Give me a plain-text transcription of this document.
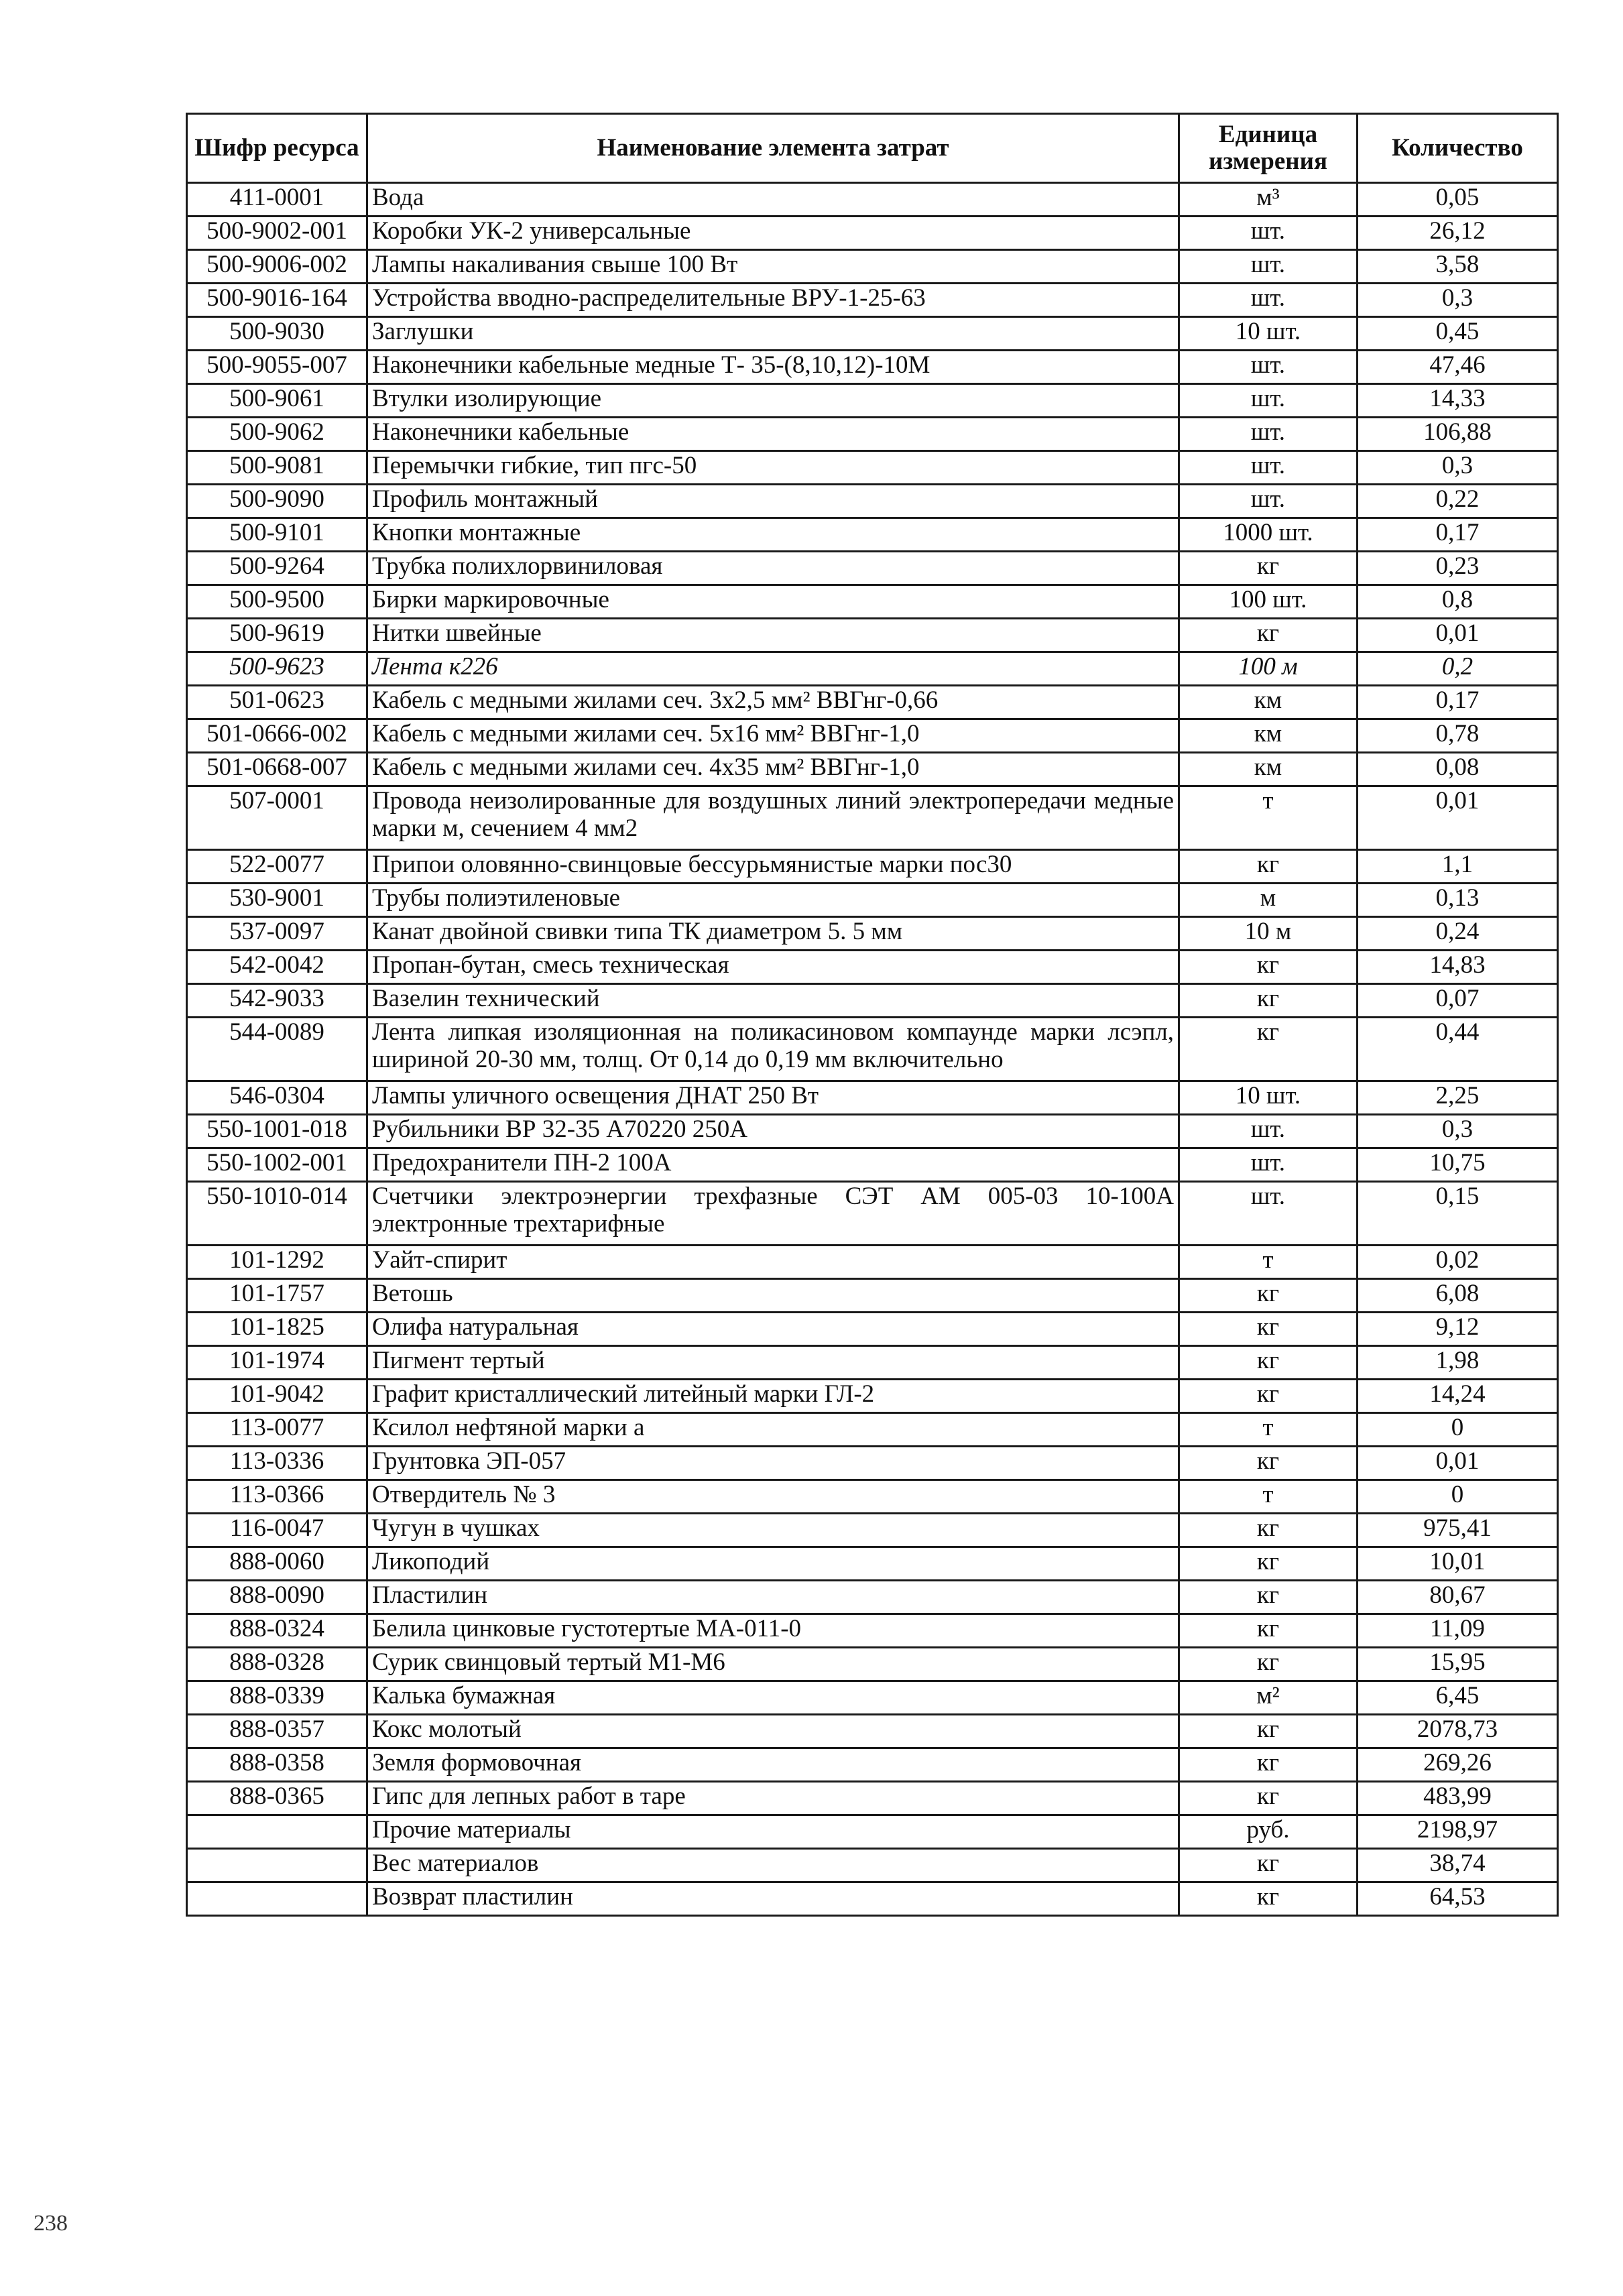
Шифр ресурса	Наименование элемента затрат	Единица измерения	Количество
411-0001	Вода	м³	0,05
500-9002-001	Коробки УК-2 универсальные	шт.	26,12
500-9006-002	Лампы накаливания свыше 100 Вт	шт.	3,58
500-9016-164	Устройства вводно-распределительные ВРУ-1-25-63	шт.	0,3
500-9030	Заглушки	10 шт.	0,45
500-9055-007	Наконечники кабельные медные Т- 35-(8,10,12)-10М	шт.	47,46
500-9061	Втулки изолирующие	шт.	14,33
500-9062	Наконечники кабельные	шт.	106,88
500-9081	Перемычки гибкие, тип пгс-50	шт.	0,3
500-9090	Профиль монтажный	шт.	0,22
500-9101	Кнопки монтажные	1000 шт.	0,17
500-9264	Трубка полихлорвиниловая	кг	0,23
500-9500	Бирки маркировочные	100 шт.	0,8
500-9619	Нитки швейные	кг	0,01
500-9623	Лента к226	100 м	0,2
501-0623	Кабель с медными жилами сеч. 3х2,5 мм² ВВГнг-0,66	км	0,17
501-0666-002	Кабель с медными жилами сеч. 5х16 мм² ВВГнг-1,0	км	0,78
501-0668-007	Кабель с медными жилами сеч. 4х35 мм² ВВГнг-1,0	км	0,08
507-0001	Провода неизолированные для воздушных линий электропередачи медные марки м, сечением 4 мм2	т	0,01
522-0077	Припои оловянно-свинцовые бессурьмянистые марки пос30	кг	1,1
530-9001	Трубы полиэтиленовые	м	0,13
537-0097	Канат двойной свивки типа ТК диаметром 5. 5 мм	10 м	0,24
542-0042	Пропан-бутан, смесь техническая	кг	14,83
542-9033	Вазелин технический	кг	0,07
544-0089	Лента липкая изоляционная на поликасиновом компаунде марки лсэпл, шириной 20-30 мм, толщ. От 0,14 до 0,19 мм включительно	кг	0,44
546-0304	Лампы уличного освещения ДНАТ 250 Вт	10 шт.	2,25
550-1001-018	Рубильники ВР 32-35 А70220 250А	шт.	0,3
550-1002-001	Предохранители ПН-2 100А	шт.	10,75
550-1010-014	Счетчики электроэнергии трехфазные СЭТ АМ 005-03 10-100А электронные трехтарифные	шт.	0,15
101-1292	Уайт-спирит	т	0,02
101-1757	Ветошь	кг	6,08
101-1825	Олифа натуральная	кг	9,12
101-1974	Пигмент тертый	кг	1,98
101-9042	Графит кристаллический литейный марки ГЛ-2	кг	14,24
113-0077	Ксилол нефтяной марки а	т	0
113-0336	Грунтовка ЭП-057	кг	0,01
113-0366	Отвердитель № 3	т	0
116-0047	Чугун в чушках	кг	975,41
888-0060	Ликоподий	кг	10,01
888-0090	Пластилин	кг	80,67
888-0324	Белила цинковые густотертые МА-011-0	кг	11,09
888-0328	Сурик свинцовый тертый М1-М6	кг	15,95
888-0339	Калька бумажная	м²	6,45
888-0357	Кокс молотый	кг	2078,73
888-0358	Земля формовочная	кг	269,26
888-0365	Гипс для лепных работ в таре	кг	483,99
	Прочие материалы	руб.	2198,97
	Вес материалов	кг	38,74
	Возврат пластилин	кг	64,53
238
